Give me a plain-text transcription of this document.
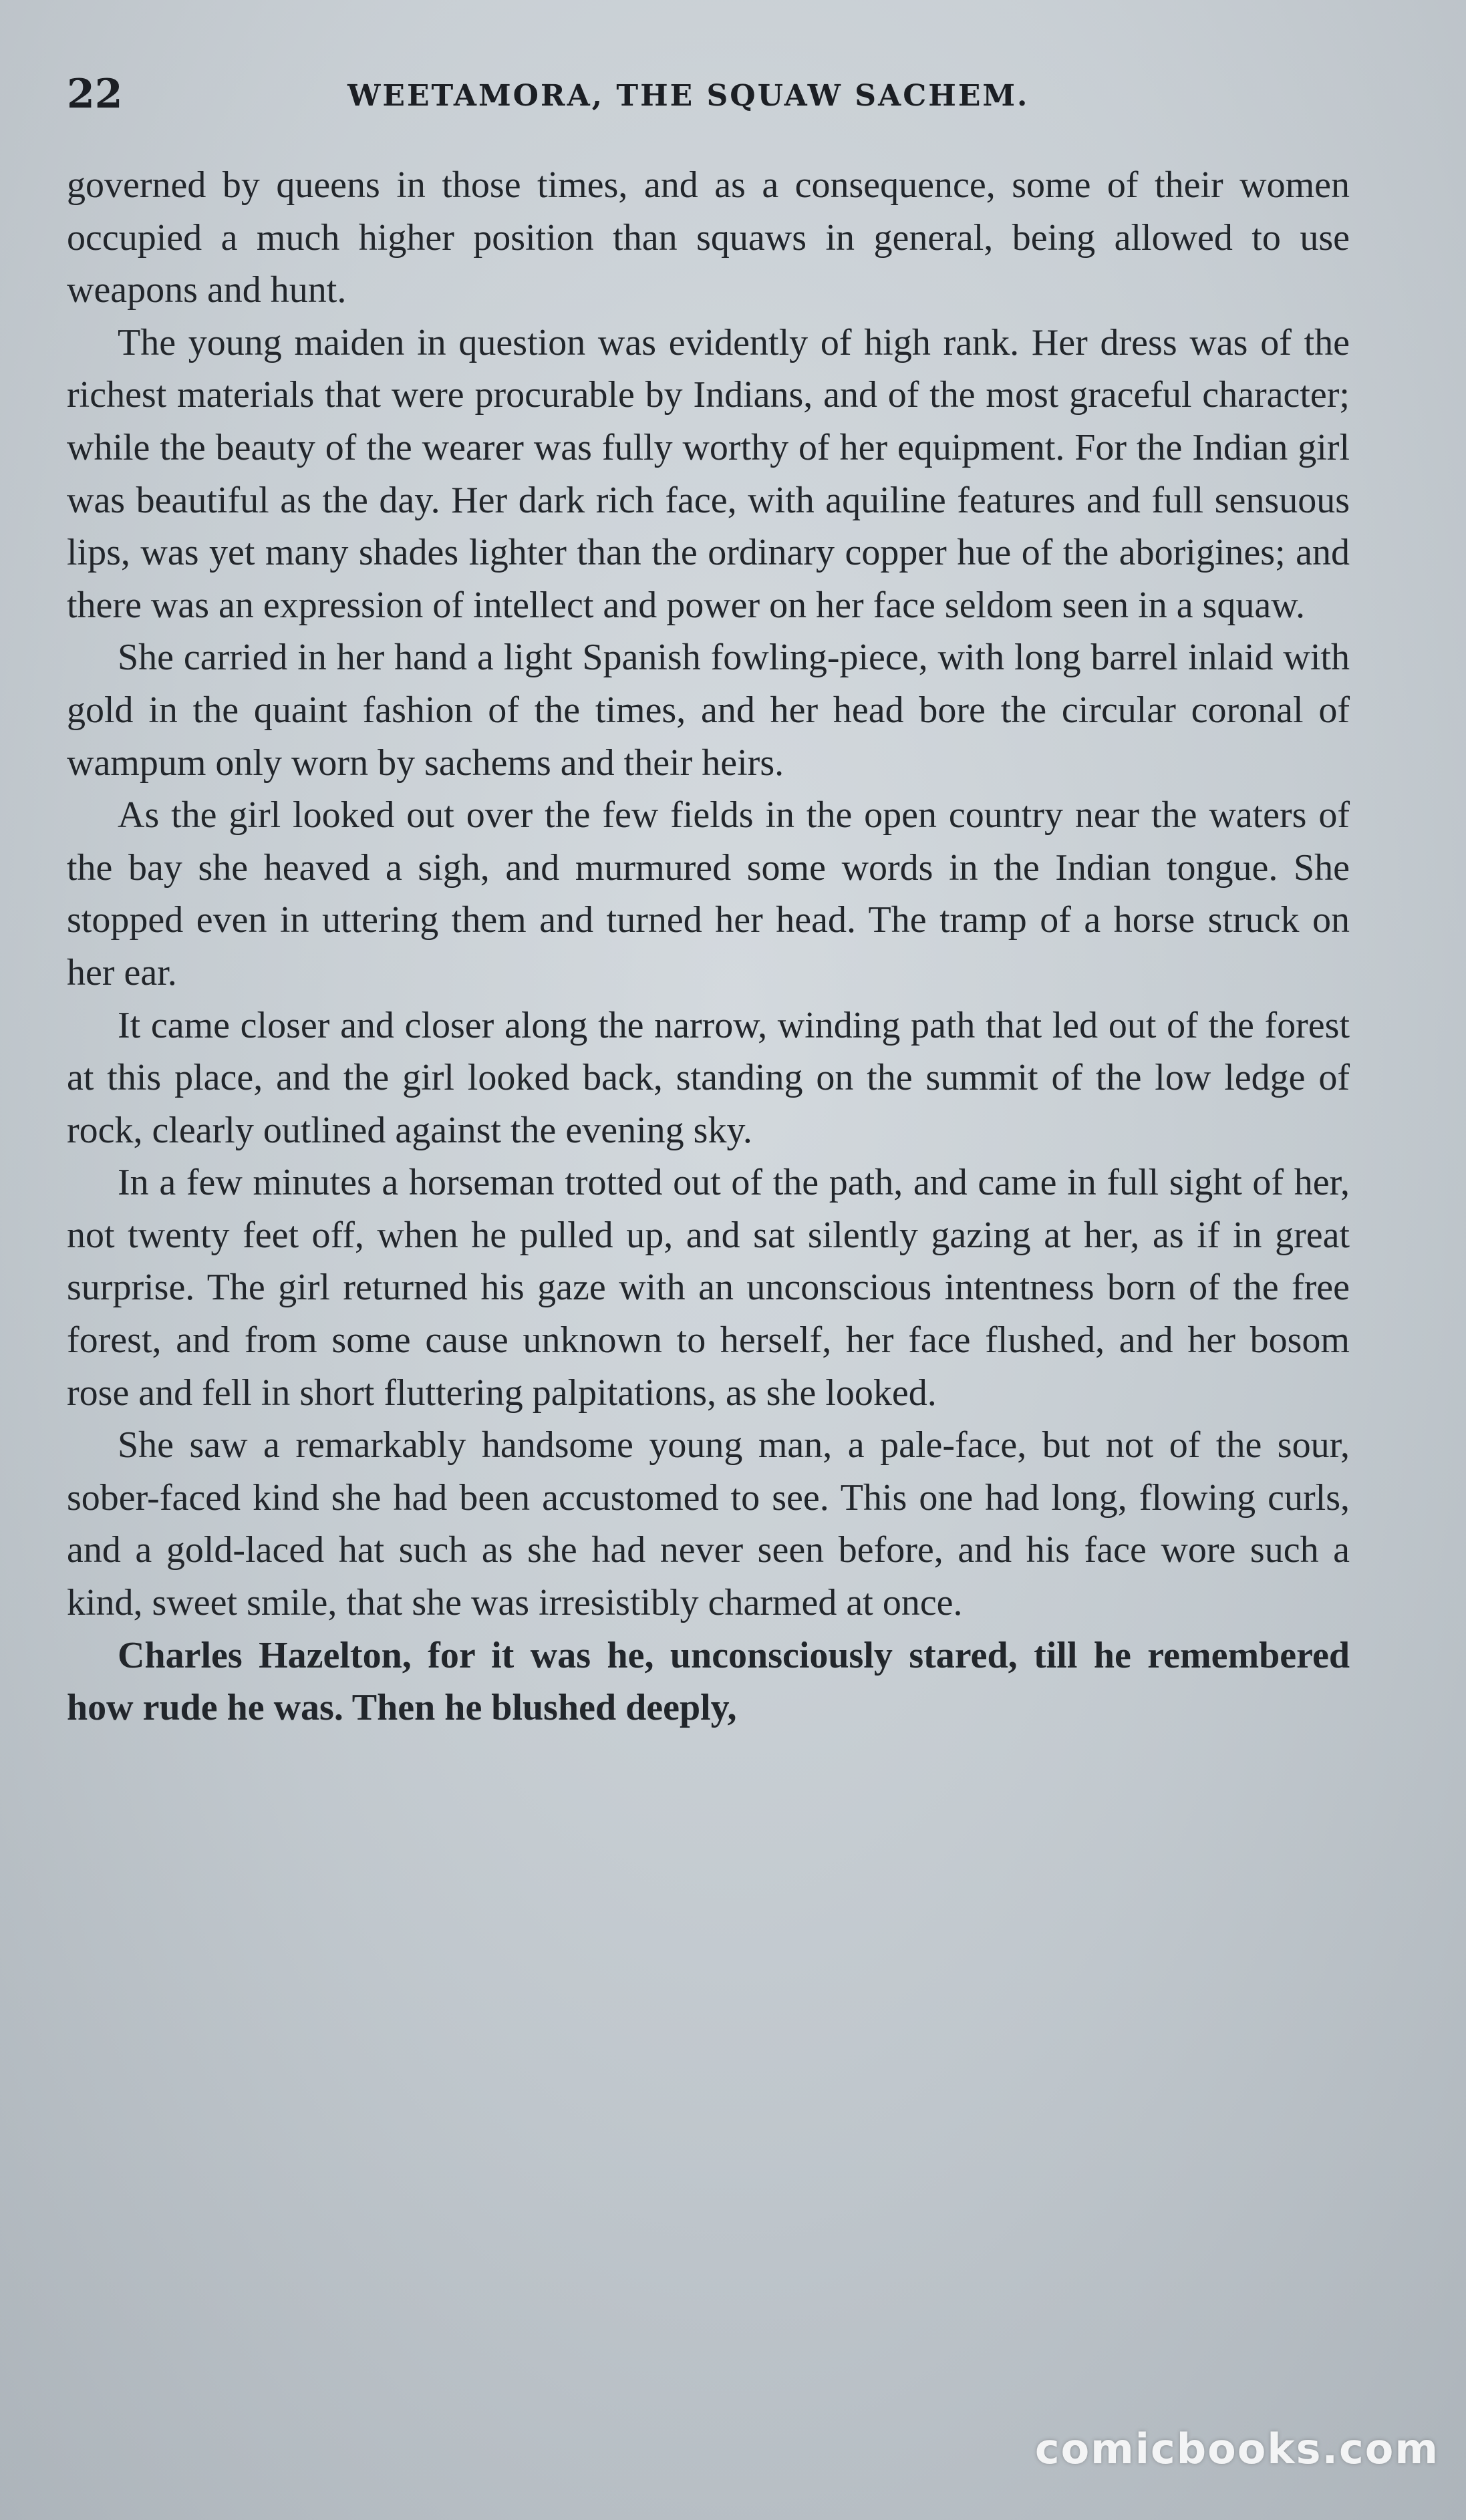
22	WEETAMORA, THE SQUAW SACHEM.

governed by queens in those times, and as a consequence, some of their women occupied a much higher position than squaws in general, being allowed to use weapons and hunt.

The young maiden in question was evidently of high rank. Her dress was of the richest materials that were procurable by Indians, and of the most graceful character; while the beauty of the wearer was fully worthy of her equipment. For the Indian girl was beautiful as the day. Her dark rich face, with aquiline features and full sensuous lips, was yet many shades lighter than the ordinary copper hue of the aborigines; and there was an expression of intellect and power on her face seldom seen in a squaw.

She carried in her hand a light Spanish fowling-piece, with long barrel inlaid with gold in the quaint fashion of the times, and her head bore the circular coronal of wampum only worn by sachems and their heirs.

As the girl looked out over the few fields in the open country near the waters of the bay she heaved a sigh, and murmured some words in the Indian tongue. She stopped even in uttering them and turned her head. The tramp of a horse struck on her ear.

It came closer and closer along the narrow, winding path that led out of the forest at this place, and the girl looked back, standing on the summit of the low ledge of rock, clearly outlined against the evening sky.

In a few minutes a horseman trotted out of the path, and came in full sight of her, not twenty feet off, when he pulled up, and sat silently gazing at her, as if in great surprise. The girl returned his gaze with an unconscious intentness born of the free forest, and from some cause unknown to herself, her face flushed, and her bosom rose and fell in short fluttering palpitations, as she looked.

She saw a remarkably handsome young man, a pale-face, but not of the sour, sober-faced kind she had been accustomed to see. This one had long, flowing curls, and a gold-laced hat such as she had never seen before, and his face wore such a kind, sweet smile, that she was irresistibly charmed at once.

Charles Hazelton, for it was he, unconsciously stared, till he remembered how rude he was. Then he blushed deeply,

comicbooks.com
